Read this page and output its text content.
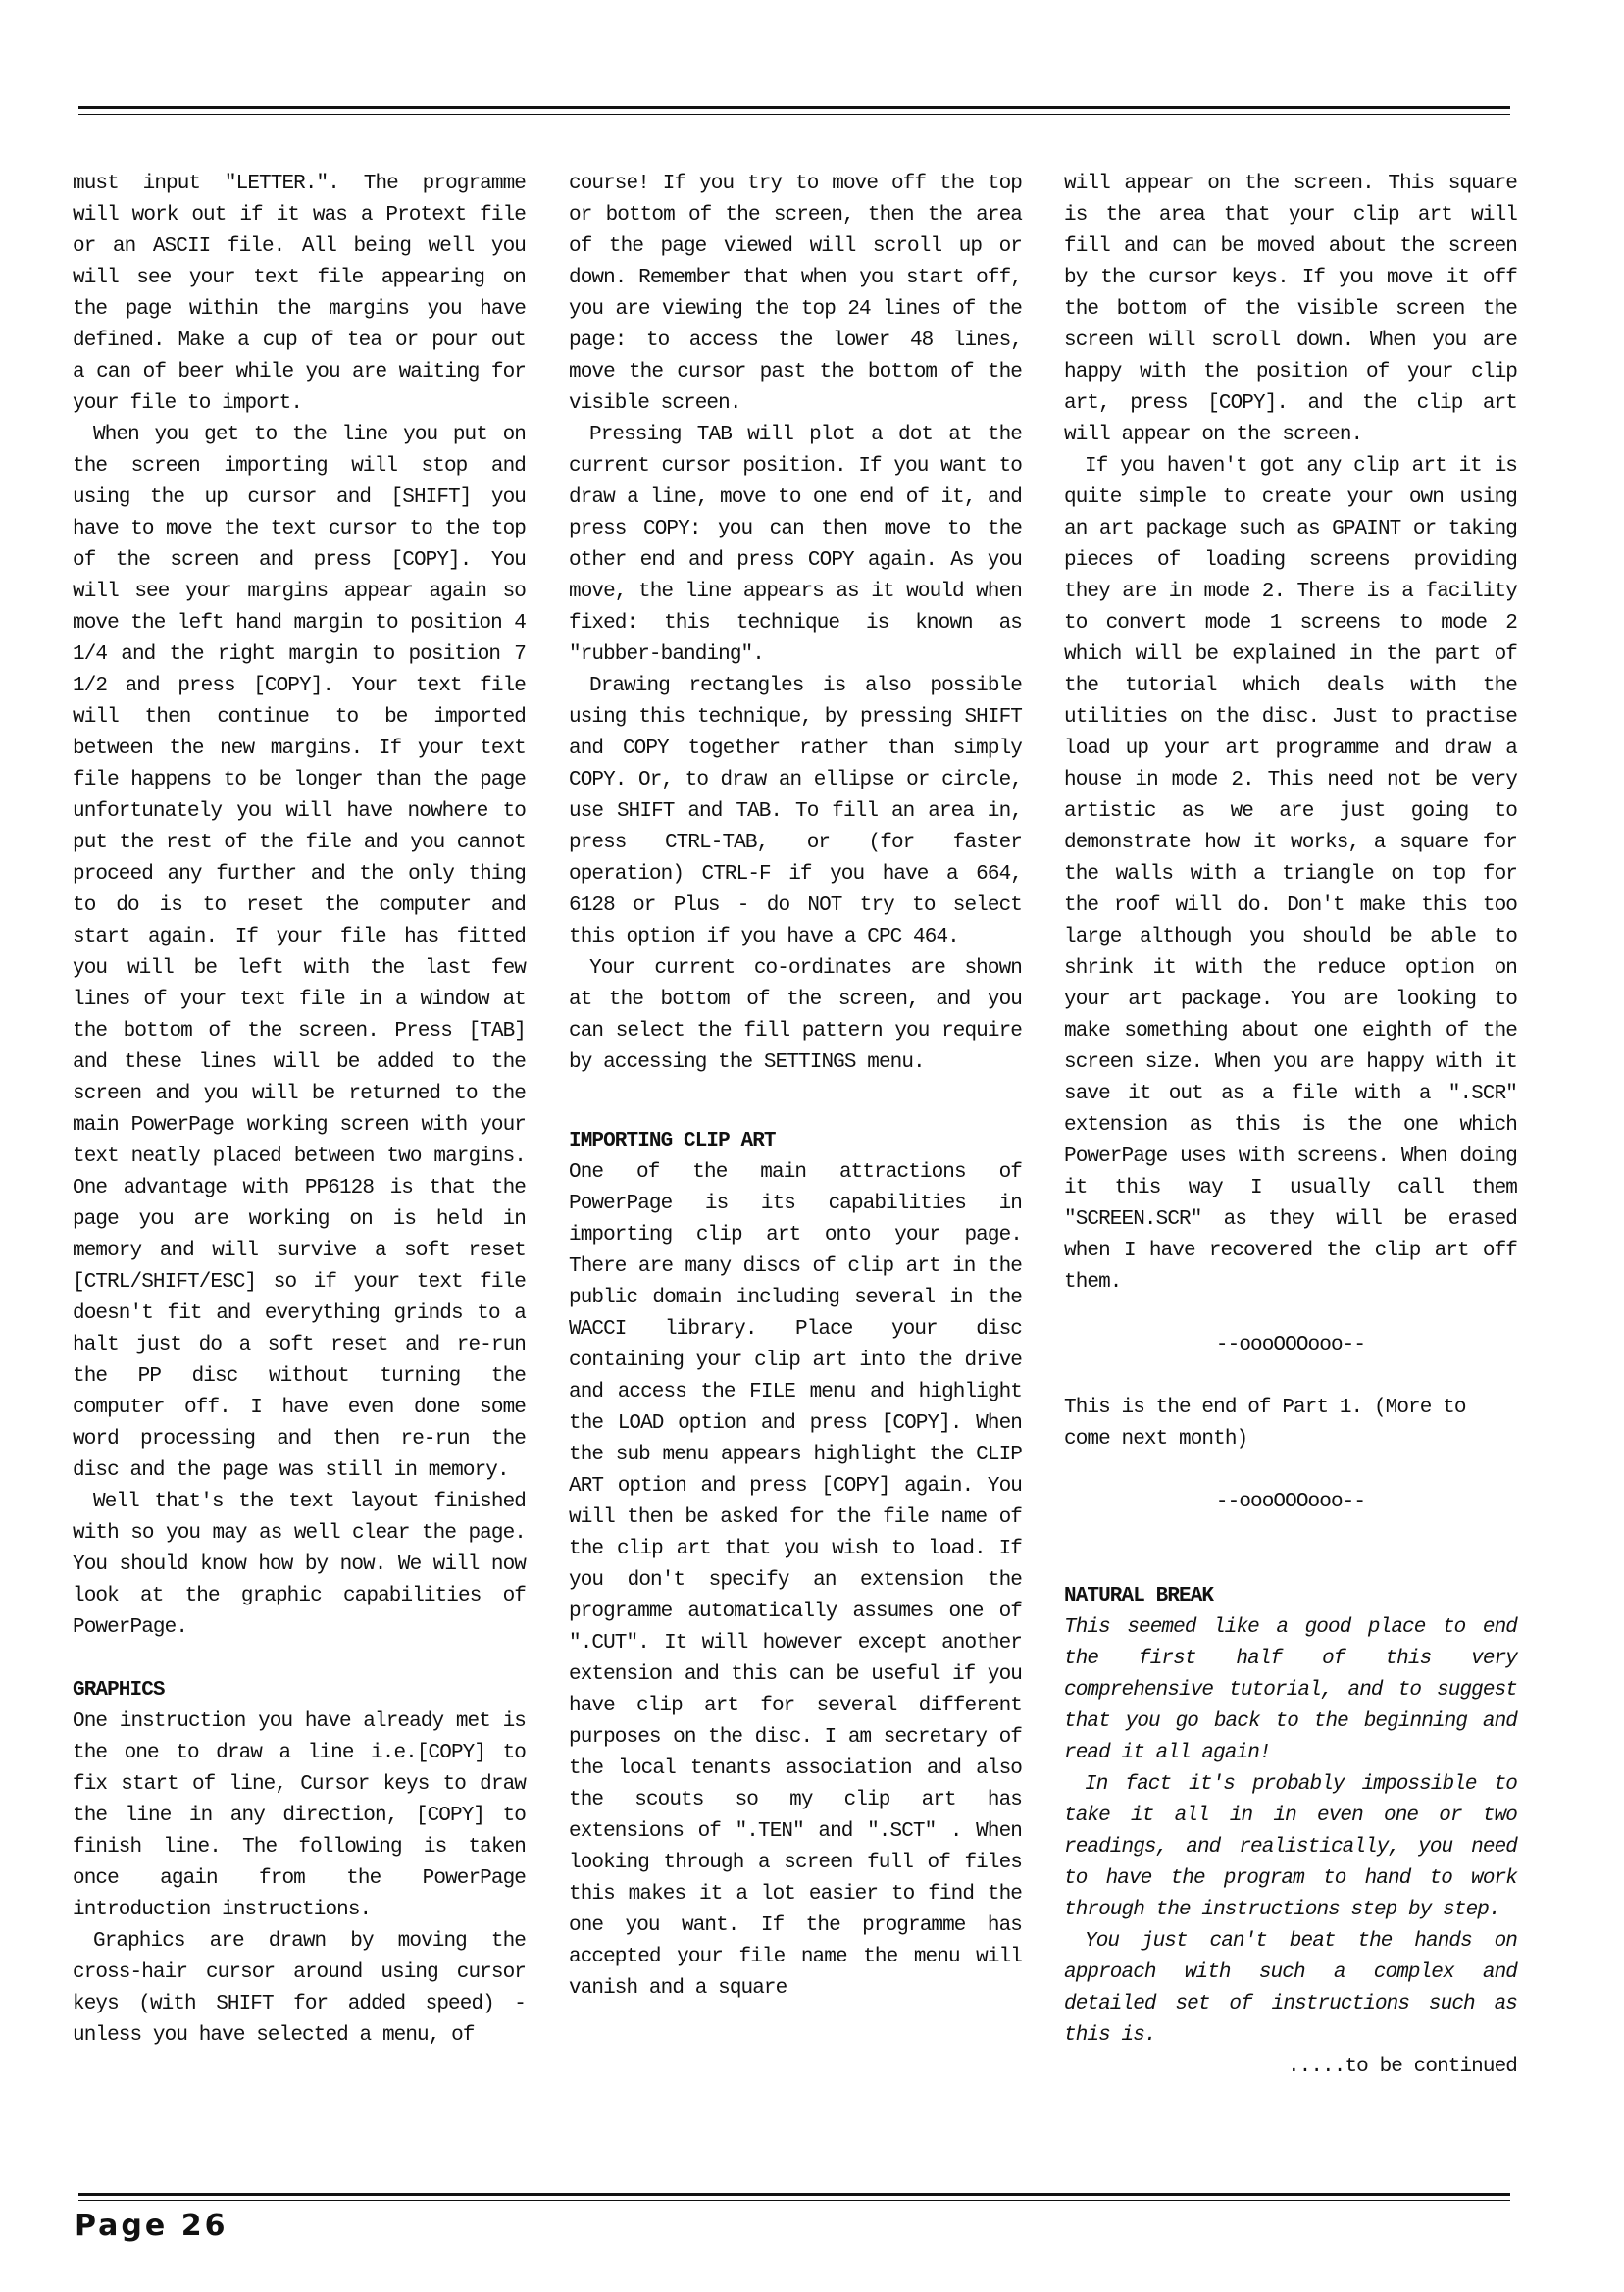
must input "LETTER.". The programme will work out if it was a Protext file or an ASCII file. All being well you will see your text file appearing on the page within the margins you have defined. Make a cup of tea or pour out a can of beer while you are waiting for your file to import.

When you get to the line you put on the screen importing will stop and using the up cursor and [SHIFT] you have to move the text cursor to the top of the screen and press [COPY]. You will see your margins appear again so move the left hand margin to position 4 1/4 and the right margin to position 7 1/2 and press [COPY]. Your text file will then continue to be imported between the new margins. If your text file happens to be longer than the page unfortunately you will have nowhere to put the rest of the file and you cannot proceed any further and the only thing to do is to reset the computer and start again. If your file has fitted you will be left with the last few lines of your text file in a window at the bottom of the screen. Press [TAB] and these lines will be added to the screen and you will be returned to the main PowerPage working screen with your text neatly placed between two margins. One advantage with PP6128 is that the page you are working on is held in memory and will survive a soft reset [CTRL/SHIFT/ESC] so if your text file doesn't fit and everything grinds to a halt just do a soft reset and re-run the PP disc without turning the computer off. I have even done some word processing and then re-run the disc and the page was still in memory.

Well that's the text layout finished with so you may as well clear the page. You should know how by now. We will now look at the graphic capabilities of PowerPage.

GRAPHICS

One instruction you have already met is the one to draw a line i.e.[COPY] to fix start of line, Cursor keys to draw the line in any direction, [COPY] to finish line. The following is taken once again from the PowerPage introduction instructions.

Graphics are drawn by moving the cross-hair cursor around using cursor keys (with SHIFT for added speed) - unless you have selected a menu, of

course! If you try to move off the top or bottom of the screen, then the area of the page viewed will scroll up or down. Remember that when you start off, you are viewing the top 24 lines of the page: to access the lower 48 lines, move the cursor past the bottom of the visible screen.

Pressing TAB will plot a dot at the current cursor position. If you want to draw a line, move to one end of it, and press COPY: you can then move to the other end and press COPY again. As you move, the line appears as it would when fixed: this technique is known as "rubber-banding".

Drawing rectangles is also possible using this technique, by pressing SHIFT and COPY together rather than simply COPY. Or, to draw an ellipse or circle, use SHIFT and TAB. To fill an area in, press CTRL-TAB, or (for faster operation) CTRL-F if you have a 664, 6128 or Plus - do NOT try to select this option if you have a CPC 464.

Your current co-ordinates are shown at the bottom of the screen, and you can select the fill pattern you require by accessing the SETTINGS menu.

IMPORTING CLIP ART

One of the main attractions of PowerPage is its capabilities in importing clip art onto your page. There are many discs of clip art in the public domain including several in the WACCI library. Place your disc containing your clip art into the drive and access the FILE menu and highlight the LOAD option and press [COPY]. When the sub menu appears highlight the CLIP ART option and press [COPY] again. You will then be asked for the file name of the clip art that you wish to load. If you don't specify an extension the programme automatically assumes one of ".CUT". It will however except another extension and this can be useful if you have clip art for several different purposes on the disc. I am secretary of the local tenants association and also the scouts so my clip art has extensions of ".TEN" and ".SCT" . When looking through a screen full of files this makes it a lot easier to find the one you want. If the programme has accepted your file name the menu will vanish and a square

will appear on the screen. This square is the area that your clip art will fill and can be moved about the screen by the cursor keys. If you move it off the bottom of the visible screen the screen will scroll down. When you are happy with the position of your clip art, press [COPY]. and the clip art will appear on the screen.

If you haven't got any clip art it is quite simple to create your own using an art package such as GPAINT or taking pieces of loading screens providing they are in mode 2. There is a facility to convert mode 1 screens to mode 2 which will be explained in the part of the tutorial which deals with the utilities on the disc. Just to practise load up your art programme and draw a house in mode 2. This need not be very artistic as we are just going to demonstrate how it works, a square for the walls with a triangle on top for the roof will do. Don't make this too large although you should be able to shrink it with the reduce option on your art package. You are looking to make something about one eighth of the screen size. When you are happy with it save it out as a file with a ".SCR" extension as this is the one which PowerPage uses with screens. When doing it this way I usually call them "SCREEN.SCR" as they will be erased when I have recovered the clip art off them.

--oooOOOooo--

This is the end of Part 1. (More to come next month)

--oooOOOooo--

NATURAL BREAK

This seemed like a good place to end the first half of this very comprehensive tutorial, and to suggest that you go back to the beginning and read it all again!

In fact it's probably impossible to take it all in in even one or two readings, and realistically, you need to have the program to hand to work through the instructions step by step.

You just can't beat the hands on approach with such a complex and detailed set of instructions such as this is.

.....to be continued

Page 26
